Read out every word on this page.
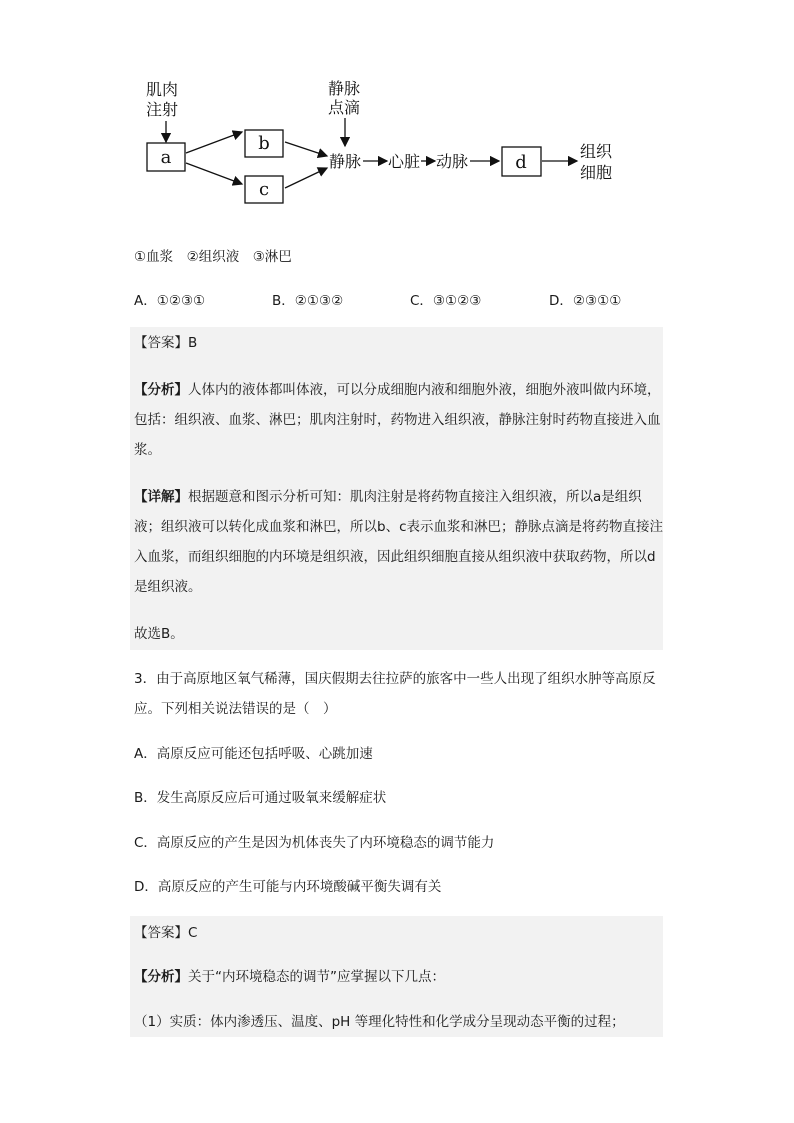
肌肉
注射
a
b
c
静脉
点滴
静脉 心脏 动脉	d
组织
细胞
①血浆　②组织液　③淋巴
A．①②③①	B．②①③②	C．③①②③	D．②③①①
【答案】B
【分析】人体内的液体都叫体液，可以分成细胞内液和细胞外液，细胞外液叫做内环境，包括：组织液、血浆、淋巴；肌肉注射时，药物进入组织液，静脉注射时药物直接进入血浆。
【详解】根据题意和图示分析可知：肌肉注射是将药物直接注入组织液，所以a是组织液；组织液可以转化成血浆和淋巴，所以b、c表示血浆和淋巴；静脉点滴是将药物直接注入血浆，而组织细胞的内环境是组织液，因此组织细胞直接从组织液中获取药物，所以d是组织液。
故选B。
3．由于高原地区氧气稀薄，国庆假期去往拉萨的旅客中一些人出现了组织水肿等高原反应。下列相关说法错误的是（　）
A．高原反应可能还包括呼吸、心跳加速
B．发生高原反应后可通过吸氧来缓解症状
C．高原反应的产生是因为机体丧失了内环境稳态的调节能力
D．高原反应的产生可能与内环境酸碱平衡失调有关
【答案】C
【分析】关于“内环境稳态的调节”应掌握以下几点：
（1）实质：体内渗透压、温度、pH 等理化特性和化学成分呈现动态平衡的过程；
